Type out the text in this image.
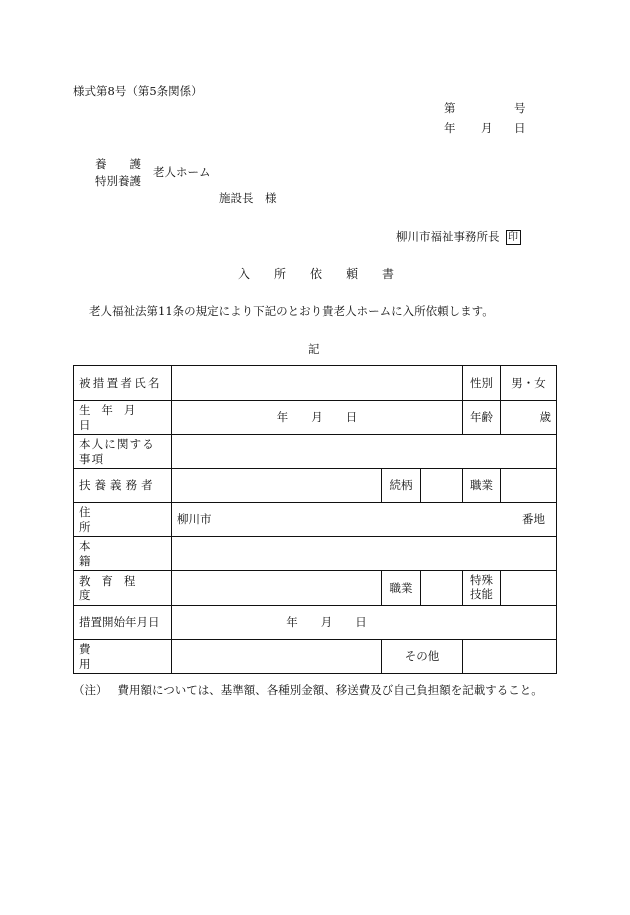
様式第8号（第5条関係）
第	号
年 月 日
養　　護
特別養護
老人ホーム
施設長　様
柳川市福祉事務所長 印
入　　所　　依　　頼　　書
老人福祉法第11条の規定により下記のとおり貴老人ホームに入所依頼します。
記
被措置者氏名				性別	男・女
生年月日	年　　月　　日			年齢	歳
本人に関する事項					
扶養義務者		続柄		職業	
住所	柳川市 番地				

本籍					
教育程度		職業		特殊技能	
措置開始年月日	年　　月　　日				
費用		その他			
（注） 費用額については、基準額、各種別金額、移送費及び自己負担額を記載すること。
